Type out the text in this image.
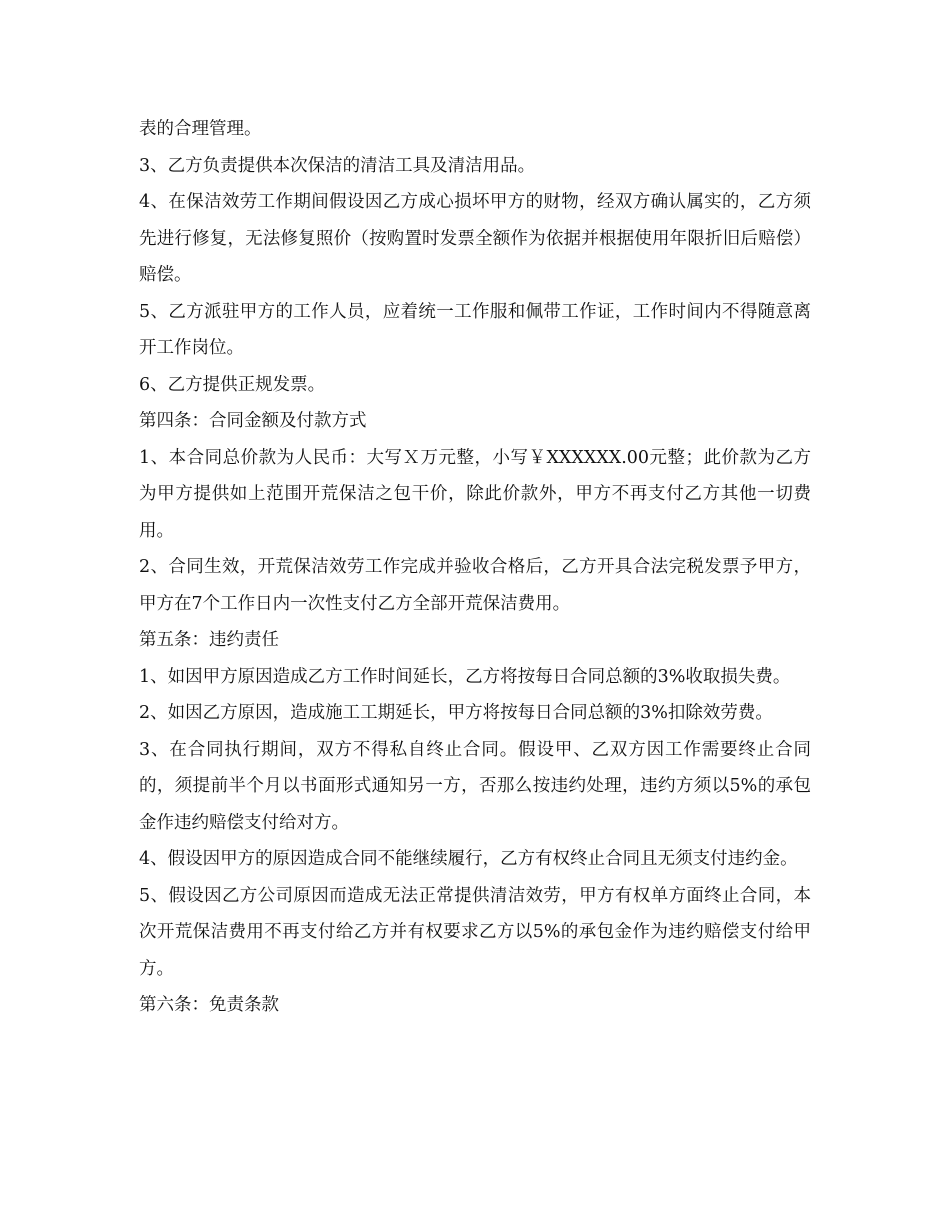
表的合理管理。

3、乙方负责提供本次保洁的清洁工具及清洁用品。

4、在保洁效劳工作期间假设因乙方成心损坏甲方的财物，经双方确认属实的，乙方须先进行修复，无法修复照价（按购置时发票全额作为依据并根据使用年限折旧后赔偿）赔偿。

5、乙方派驻甲方的工作人员，应着统一工作服和佩带工作证，工作时间内不得随意离开工作岗位。

6、乙方提供正规发票。

第四条：合同金额及付款方式

1、本合同总价款为人民币：大写Ｘ万元整，小写￥XXXXXX.00元整；此价款为乙方为甲方提供如上范围开荒保洁之包干价，除此价款外，甲方不再支付乙方其他一切费用。

2、合同生效，开荒保洁效劳工作完成并验收合格后，乙方开具合法完税发票予甲方，甲方在7个工作日内一次性支付乙方全部开荒保洁费用。

第五条：违约责任

1、如因甲方原因造成乙方工作时间延长，乙方将按每日合同总额的3%收取损失费。

2、如因乙方原因，造成施工工期延长，甲方将按每日合同总额的3%扣除效劳费。

3、在合同执行期间，双方不得私自终止合同。假设甲、乙双方因工作需要终止合同的，须提前半个月以书面形式通知另一方，否那么按违约处理，违约方须以5%的承包金作违约赔偿支付给对方。

4、假设因甲方的原因造成合同不能继续履行，乙方有权终止合同且无须支付违约金。

5、假设因乙方公司原因而造成无法正常提供清洁效劳，甲方有权单方面终止合同，本次开荒保洁费用不再支付给乙方并有权要求乙方以5%的承包金作为违约赔偿支付给甲方。

第六条：免责条款
